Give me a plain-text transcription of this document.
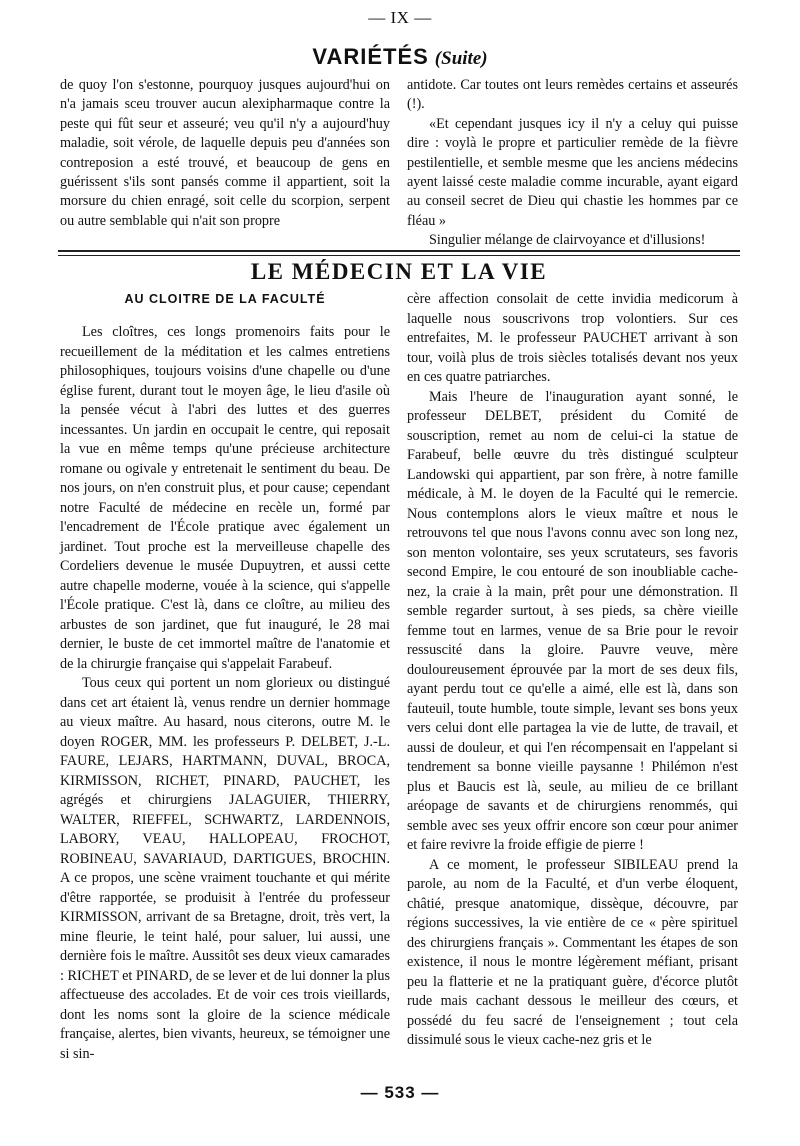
— IX —
VARIÉTÉS (Suite)

de quoy l'on s'estonne, pourquoy jusques aujourd'hui on n'a jamais sceu trouver aucun alexipharmaque contre la peste qui fût seur et asseuré; veu qu'il n'y a aujourd'huy maladie, soit vérole, de laquelle depuis peu d'années son contreposion a esté trouvé, et beaucoup de gens en guérissent s'ils sont pansés comme il appartient, soit la morsure du chien enragé, soit celle du scorpion, serpent ou autre semblable qui n'ait son propre

antidote. Car toutes ont leurs remèdes certains et asseurés (!).

«Et cependant jusques icy il n'y a celuy qui puisse dire : voylà le propre et particulier remède de la fièvre pestilentielle, et semble mesme que les anciens médecins ayent laissé ceste maladie comme incurable, ayant eigard au conseil secret de Dieu qui chastie les hommes par ce fléau »

Singulier mélange de clairvoyance et d'illusions!

LE MÉDECIN ET LA VIE
AU CLOITRE DE LA FACULTÉ

Les cloîtres, ces longs promenoirs faits pour le recueillement de la méditation et les calmes entretiens philosophiques, toujours voisins d'une chapelle ou d'une église furent, durant tout le moyen âge, le lieu d'asile où la pensée vécut à l'abri des luttes et des guerres incessantes. Un jardin en occupait le centre, qui reposait la vue en même temps qu'une précieuse architecture romane ou ogivale y entretenait le sentiment du beau. De nos jours, on n'en construit plus, et pour cause; cependant notre Faculté de médecine en recèle un, formé par l'encadrement de l'École pratique avec également un jardinet. Tout proche est la merveilleuse chapelle des Cordeliers devenue le musée Dupuytren, et aussi cette autre chapelle moderne, vouée à la science, qui s'appelle l'École pratique. C'est là, dans ce cloître, au milieu des arbustes de son jardinet, que fut inauguré, le 28 mai dernier, le buste de cet immortel maître de l'anatomie et de la chirurgie française qui s'appelait Farabeuf.

Tous ceux qui portent un nom glorieux ou distingué dans cet art étaient là, venus rendre un dernier hommage au vieux maître. Au hasard, nous citerons, outre M. le doyen ROGER, MM. les professeurs P. DELBET, J.-L. FAURE, LEJARS, HARTMANN, DUVAL, BROCA, KIRMISSON, RICHET, PINARD, PAUCHET, les agrégés et chirurgiens JALAGUIER, THIERRY, WALTER, RIEFFEL, SCHWARTZ, LARDENNOIS, LABORY, VEAU, HALLOPEAU, FROCHOT, ROBINEAU, SAVARIAUD, DARTIGUES, BROCHIN. A ce propos, une scène vraiment touchante et qui mérite d'être rapportée, se produisit à l'entrée du professeur KIRMISSON, arrivant de sa Bretagne, droit, très vert, la mine fleurie, le teint halé, pour saluer, lui aussi, une dernière fois le maître. Aussitôt ses deux vieux camarades : RICHET et PINARD, de se lever et de lui donner la plus affectueuse des accolades. Et de voir ces trois vieillards, dont les noms sont la gloire de la science médicale française, alertes, bien vivants, heureux, se témoigner une si sin-

cère affection consolait de cette invidia medicorum à laquelle nous souscrivons trop volontiers. Sur ces entrefaites, M. le professeur PAUCHET arrivant à son tour, voilà plus de trois siècles totalisés devant nos yeux en ces quatre patriarches.

Mais l'heure de l'inauguration ayant sonné, le professeur DELBET, président du Comité de souscription, remet au nom de celui-ci la statue de Farabeuf, belle œuvre du très distingué sculpteur Landowski qui appartient, par son frère, à notre famille médicale, à M. le doyen de la Faculté qui le remercie. Nous contemplons alors le vieux maître et nous le retrouvons tel que nous l'avons connu avec son long nez, son menton volontaire, ses yeux scrutateurs, ses favoris second Empire, le cou entouré de son inoubliable cache-nez, la craie à la main, prêt pour une démonstration. Il semble regarder surtout, à ses pieds, sa chère vieille femme tout en larmes, venue de sa Brie pour le revoir ressuscité dans la gloire. Pauvre veuve, mère douloureusement éprouvée par la mort de ses deux fils, ayant perdu tout ce qu'elle a aimé, elle est là, dans son fauteuil, toute humble, toute simple, levant ses bons yeux vers celui dont elle partagea la vie de lutte, de travail, et aussi de douleur, et qui l'en récompensait en l'appelant si tendrement sa bonne vieille paysanne ! Philémon n'est plus et Baucis est là, seule, au milieu de ce brillant aréopage de savants et de chirurgiens renommés, qui semble avec ses yeux offrir encore son cœur pour animer et faire revivre la froide effigie de pierre !

A ce moment, le professeur SIBILEAU prend la parole, au nom de la Faculté, et d'un verbe éloquent, châtié, presque anatomique, dissèque, découvre, par régions successives, la vie entière de ce « père spirituel des chirurgiens français ». Commentant les étapes de son existence, il nous le montre légèrement méfiant, prisant peu la flatterie et ne la pratiquant guère, d'écorce plutôt rude mais cachant dessous le meilleur des cœurs, et possédé du feu sacré de l'enseignement ; tout cela dissimulé sous le vieux cache-nez gris et le

— 533 —
